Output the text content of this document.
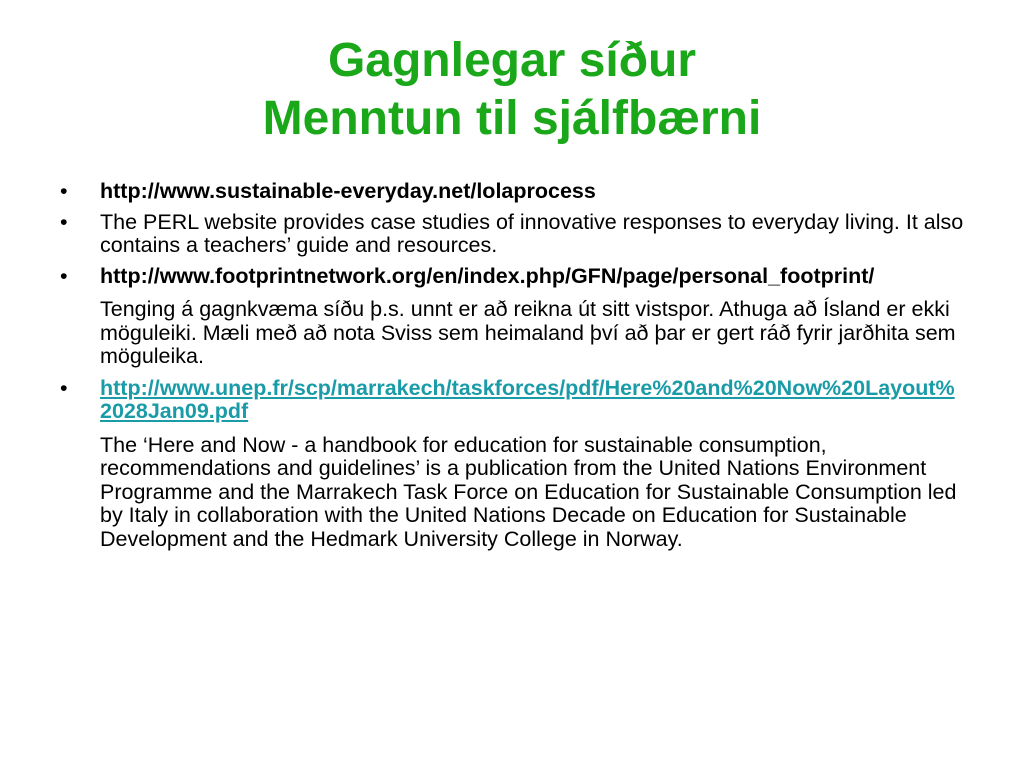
Gagnlegar síður
Menntun til sjálfbærni
•	http://www.sustainable-everyday.net/lolaprocess
•	The PERL website provides case studies of innovative responses to everyday living. It also contains a teachers’ guide and resources.
•	http://www.footprintnetwork.org/en/index.php/GFN/page/personal_footprint/
Tenging á gagnkvæma síðu þ.s. unnt er að reikna út sitt vistspor. Athuga að Ísland er ekki möguleiki. Mæli með að nota Sviss sem heimaland því að þar er gert ráð fyrir jarðhita sem möguleika.
•	http://www.unep.fr/scp/marrakech/taskforces/pdf/Here%20and%20Now%20Layout%2028Jan09.pdf
The ‘Here and Now - a handbook for education for sustainable consumption, recommendations and guidelines’ is a publication from the United Nations Environment Programme and the Marrakech Task Force on Education for Sustainable Consumption led by Italy in collaboration with the United Nations Decade on Education for Sustainable Development and the Hedmark University College in Norway.
